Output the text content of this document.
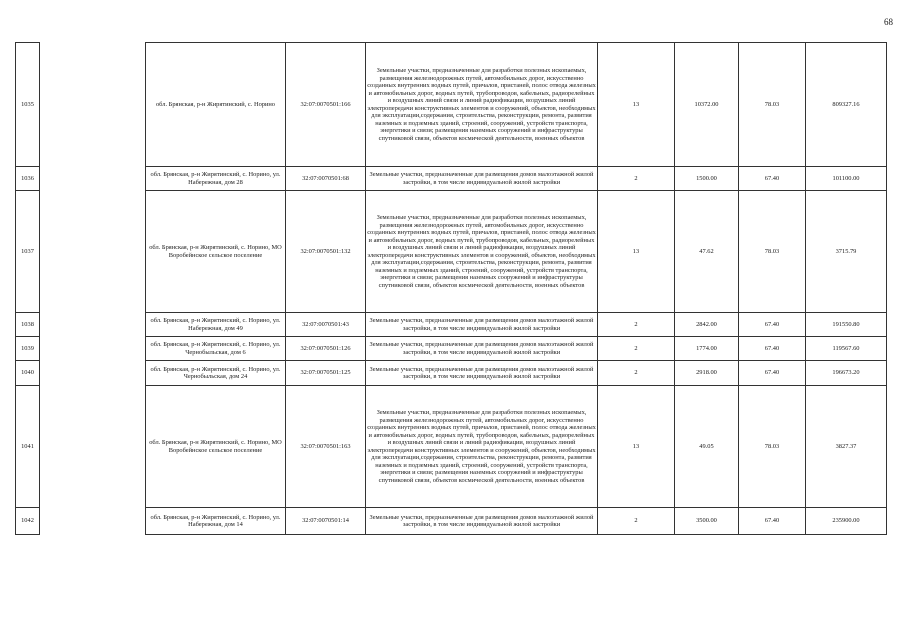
68
1035		обл. Брянская, р-н Жирятинский, с. Норино	32:07:0070501:166	Земельные участки, предназначенные для разработки полезных ископаемых, размещения железнодорожных путей, автомобильных дорог, искусственно созданных внутренних водных путей, причалов, пристаней, полос отвода железных и автомобильных дорог, водных путей, трубопроводов, кабельных, радиорелейных и воздушных линий связи и линий радиофикации, воздушных линий электропередачи конструктивных элементов и сооружений, объектов, необходимых для эксплуатации,содержания, строительства, реконструкции, ремонта, развития наземных и подземных зданий, строений, сооружений, устройств транспорта, энергетики и связи; размещения наземных сооружений и инфраструктуры спутниковой связи, объектов космической деятельности, военных объектов	13	10372.00	78.03	809327.16
1036		обл. Брянская, р-н Жирятинский, с. Норино, ул. Набережная, дом 28	32:07:0070501:68	Земельные участки, предназначенные для размещения домов малоэтажной жилой застройки, в том числе индивидуальной жилой застройки	2	1500.00	67.40	101100.00
1037		обл. Брянская, р-н Жирятинский, с. Норино, МО Воробейнское сельское поселение	32:07:0070501:132	Земельные участки, предназначенные для разработки полезных ископаемых, размещения железнодорожных путей, автомобильных дорог, искусственно созданных внутренних водных путей, причалов, пристаней, полос отвода железных и автомобильных дорог, водных путей, трубопроводов, кабельных, радиорелейных и воздушных линий связи и линий радиофикации, воздушных линий электропередачи конструктивных элементов и сооружений, объектов, необходимых для эксплуатации,содержания, строительства, реконструкции, ремонта, развития наземных и подземных зданий, строений, сооружений, устройств транспорта, энергетики и связи; размещения наземных сооружений и инфраструктуры спутниковой связи, объектов космической деятельности, военных объектов	13	47.62	78.03	3715.79
1038		обл. Брянская, р-н Жирятинский, с. Норино, ул. Набережная, дом 49	32:07:0070501:43	Земельные участки, предназначенные для размещения домов малоэтажной жилой застройки, в том числе индивидуальной жилой застройки	2	2842.00	67.40	191550.80
1039		обл. Брянская, р-н Жирятинский, с. Норино, ул. Чернобыльская, дом 6	32:07:0070501:126	Земельные участки, предназначенные для размещения домов малоэтажной жилой застройки, в том числе индивидуальной жилой застройки	2	1774.00	67.40	119567.60
1040		обл. Брянская, р-н Жирятинский, с. Норино, ул. Чернобыльская, дом 24	32:07:0070501:125	Земельные участки, предназначенные для размещения домов малоэтажной жилой застройки, в том числе индивидуальной жилой застройки	2	2918.00	67.40	196673.20
1041		обл. Брянская, р-н Жирятинский, с. Норино, МО Воробейнское сельское поселение	32:07:0070501:163	Земельные участки, предназначенные для разработки полезных ископаемых, размещения железнодорожных путей, автомобильных дорог, искусственно созданных внутренних водных путей, причалов, пристаней, полос отвода железных и автомобильных дорог, водных путей, трубопроводов, кабельных, радиорелейных и воздушных линий связи и линий радиофикации, воздушных линий электропередачи конструктивных элементов и сооружений, объектов, необходимых для эксплуатации,содержания, строительства, реконструкции, ремонта, развития наземных и подземных зданий, строений, сооружений, устройств транспорта, энергетики и связи; размещения наземных сооружений и инфраструктуры спутниковой связи, объектов космической деятельности, военных объектов	13	49.05	78.03	3827.37
1042		обл. Брянская, р-н Жирятинский, с. Норино, ул. Набережная, дом 14	32:07:0070501:14	Земельные участки, предназначенные для размещения домов малоэтажной жилой застройки, в том числе индивидуальной жилой застройки	2	3500.00	67.40	235900.00
